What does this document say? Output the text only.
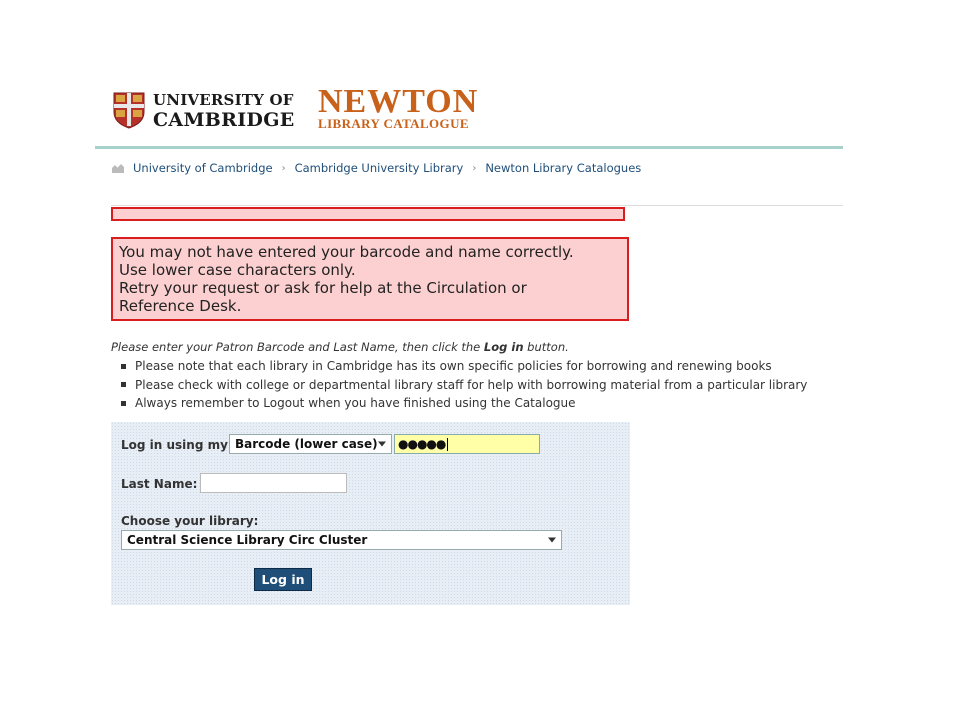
UNIVERSITY OF
CAMBRIDGE NEWTON
LIBRARY CATALOGUE
University of Cambridge › Cambridge University Library › Newton Library Catalogues
You may not have entered your barcode and name correctly.
Use lower case characters only.
Retry your request or ask for help at the Circulation or
Reference Desk.
Please enter your Patron Barcode and Last Name, then click the Log in button.
Please note that each library in Cambridge has its own specific policies for borrowing and renewing books
Please check with college or departmental library staff for help with borrowing material from a particular library
Always remember to Logout when you have finished using the Catalogue
Log in using my Barcode (lower case)	●●●●●
Last Name:
Choose your library:
Central Science Library Circ Cluster
Log in
